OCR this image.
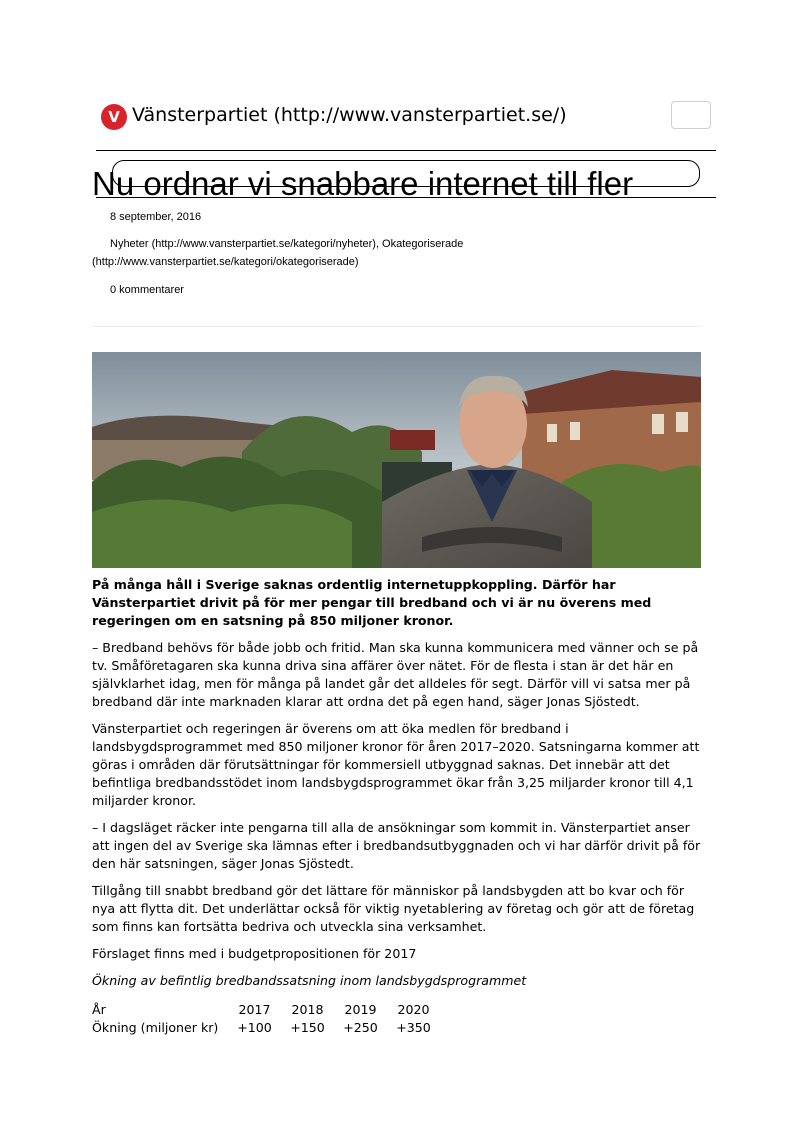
V Vänsterpartiet (http://www.vansterpartiet.se/)
Nu ordnar vi snabbare internet till fler
8 september, 2016
Nyheter (http://www.vansterpartiet.se/kategori/nyheter), Okategoriserade
(http://www.vansterpartiet.se/kategori/okategoriserade)
0 kommentarer

På många håll i Sverige saknas ordentlig internetuppkoppling. Därför har Vänsterpartiet drivit på för mer pengar till bredband och vi är nu överens med regeringen om en satsning på 850 miljoner kronor.

– Bredband behövs för både jobb och fritid. Man ska kunna kommunicera med vänner och se på tv. Småföretagaren ska kunna driva sina affärer över nätet. För de flesta i stan är det här en självklarhet idag, men för många på landet går det alldeles för segt. Därför vill vi satsa mer på bredband där inte marknaden klarar att ordna det på egen hand, säger Jonas Sjöstedt.

Vänsterpartiet och regeringen är överens om att öka medlen för bredband i landsbygdsprogrammet med 850 miljoner kronor för åren 2017–2020. Satsningarna kommer att göras i områden där förutsättningar för kommersiell utbyggnad saknas. Det innebär att det befintliga bredbandsstödet inom landsbygdsprogrammet ökar från 3,25 miljarder kronor till 4,1 miljarder kronor.

– I dagsläget räcker inte pengarna till alla de ansökningar som kommit in. Vänsterpartiet anser att ingen del av Sverige ska lämnas efter i bredbandsutbyggnaden och vi har därför drivit på för den här satsningen, säger Jonas Sjöstedt.

Tillgång till snabbt bredband gör det lättare för människor på landsbygden att bo kvar och för nya att flytta dit. Det underlättar också för viktig nyetablering av företag och gör att de företag som finns kan fortsätta bedriva och utveckla sina verksamhet.

Förslaget finns med i budgetpropositionen för 2017

Ökning av befintlig bredbandssatsning inom landsbygdsprogrammet

År	2017	2018	2019	2020
Ökning (miljoner kr)	+100	+150	+250	+350
